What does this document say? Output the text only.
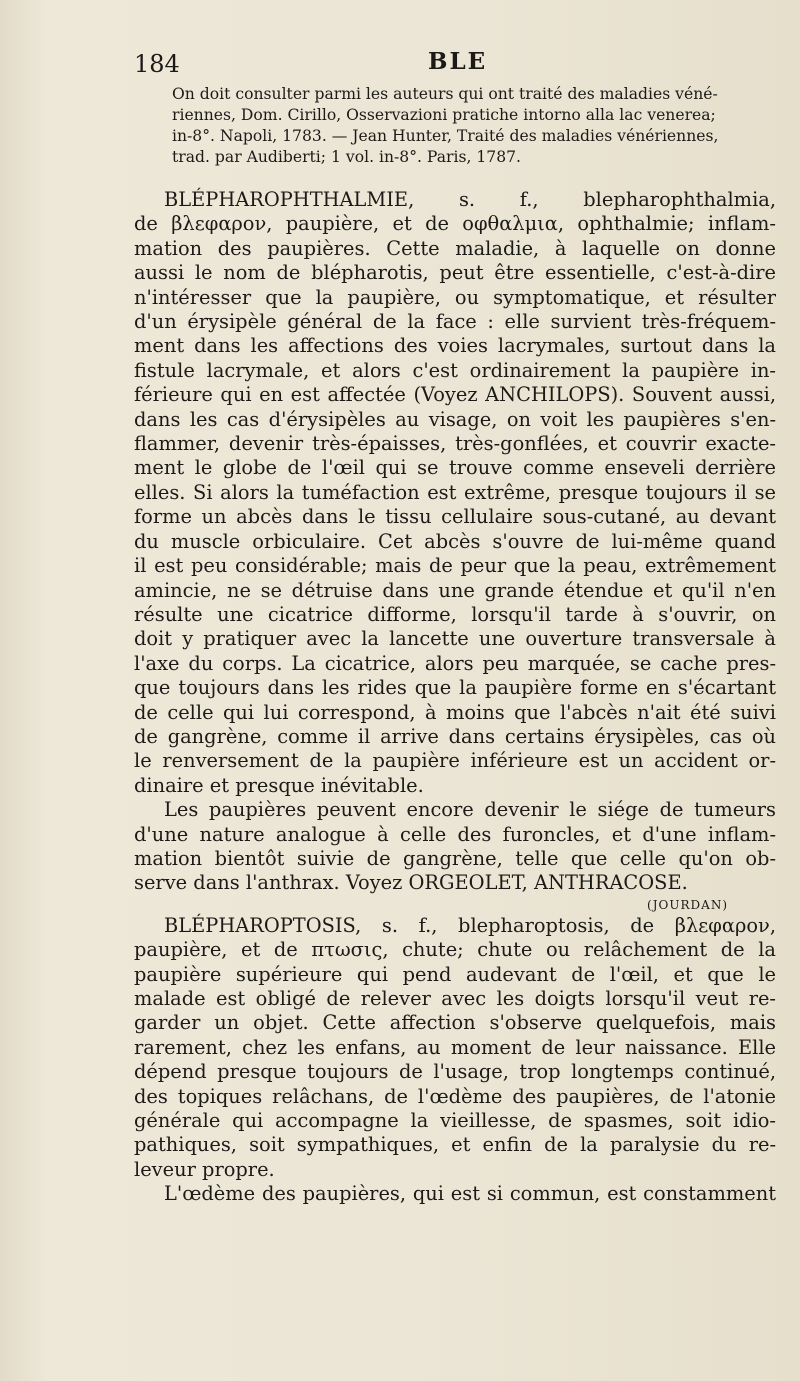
184	BLE
On doit consulter parmi les auteurs qui ont traité des maladies véné-
riennes, Dom. Cirillo, Osservazioni pratiche intorno alla lac venerea;
in-8°. Napoli, 1783. — Jean Hunter, Traité des maladies vénériennes,
trad. par Audiberti; 1 vol. in-8°. Paris, 1787.
BLÉPHAROPHTHALMIE, s. f., blepharophthalmia,
de βλεφαρον, paupière, et de οφθαλμια, ophthalmie; inflam-
mation des paupières. Cette maladie, à laquelle on donne
aussi le nom de blépharotis, peut être essentielle, c'est-à-dire
n'intéresser que la paupière, ou symptomatique, et résulter
d'un érysipèle général de la face : elle survient très-fréquem-
ment dans les affections des voies lacrymales, surtout dans la
fistule lacrymale, et alors c'est ordinairement la paupière in-
férieure qui en est affectée (Voyez ANCHILOPS). Souvent aussi,
dans les cas d'érysipèles au visage, on voit les paupières s'en-
flammer, devenir très-épaisses, très-gonflées, et couvrir exacte-
ment le globe de l'œil qui se trouve comme enseveli derrière
elles. Si alors la tuméfaction est extrême, presque toujours il se
forme un abcès dans le tissu cellulaire sous-cutané, au devant
du muscle orbiculaire. Cet abcès s'ouvre de lui-même quand
il est peu considérable; mais de peur que la peau, extrêmement
amincie, ne se détruise dans une grande étendue et qu'il n'en
résulte une cicatrice difforme, lorsqu'il tarde à s'ouvrir, on
doit y pratiquer avec la lancette une ouverture transversale à
l'axe du corps. La cicatrice, alors peu marquée, se cache pres-
que toujours dans les rides que la paupière forme en s'écartant
de celle qui lui correspond, à moins que l'abcès n'ait été suivi
de gangrène, comme il arrive dans certains érysipèles, cas où
le renversement de la paupière inférieure est un accident or-
dinaire et presque inévitable.
Les paupières peuvent encore devenir le siége de tumeurs
d'une nature analogue à celle des furoncles, et d'une inflam-
mation bientôt suivie de gangrène, telle que celle qu'on ob-
serve dans l'anthrax. Voyez ORGEOLET, ANTHRACOSE.
(JOURDAN)
BLÉPHAROPTOSIS, s. f., blepharoptosis, de βλεφαρον,
paupière, et de πτωσις, chute; chute ou relâchement de la
paupière supérieure qui pend audevant de l'œil, et que le
malade est obligé de relever avec les doigts lorsqu'il veut re-
garder un objet. Cette affection s'observe quelquefois, mais
rarement, chez les enfans, au moment de leur naissance. Elle
dépend presque toujours de l'usage, trop longtemps continué,
des topiques relâchans, de l'œdème des paupières, de l'atonie
générale qui accompagne la vieillesse, de spasmes, soit idio-
pathiques, soit sympathiques, et enfin de la paralysie du re-
leveur propre.
L'œdème des paupières, qui est si commun, est constamment
